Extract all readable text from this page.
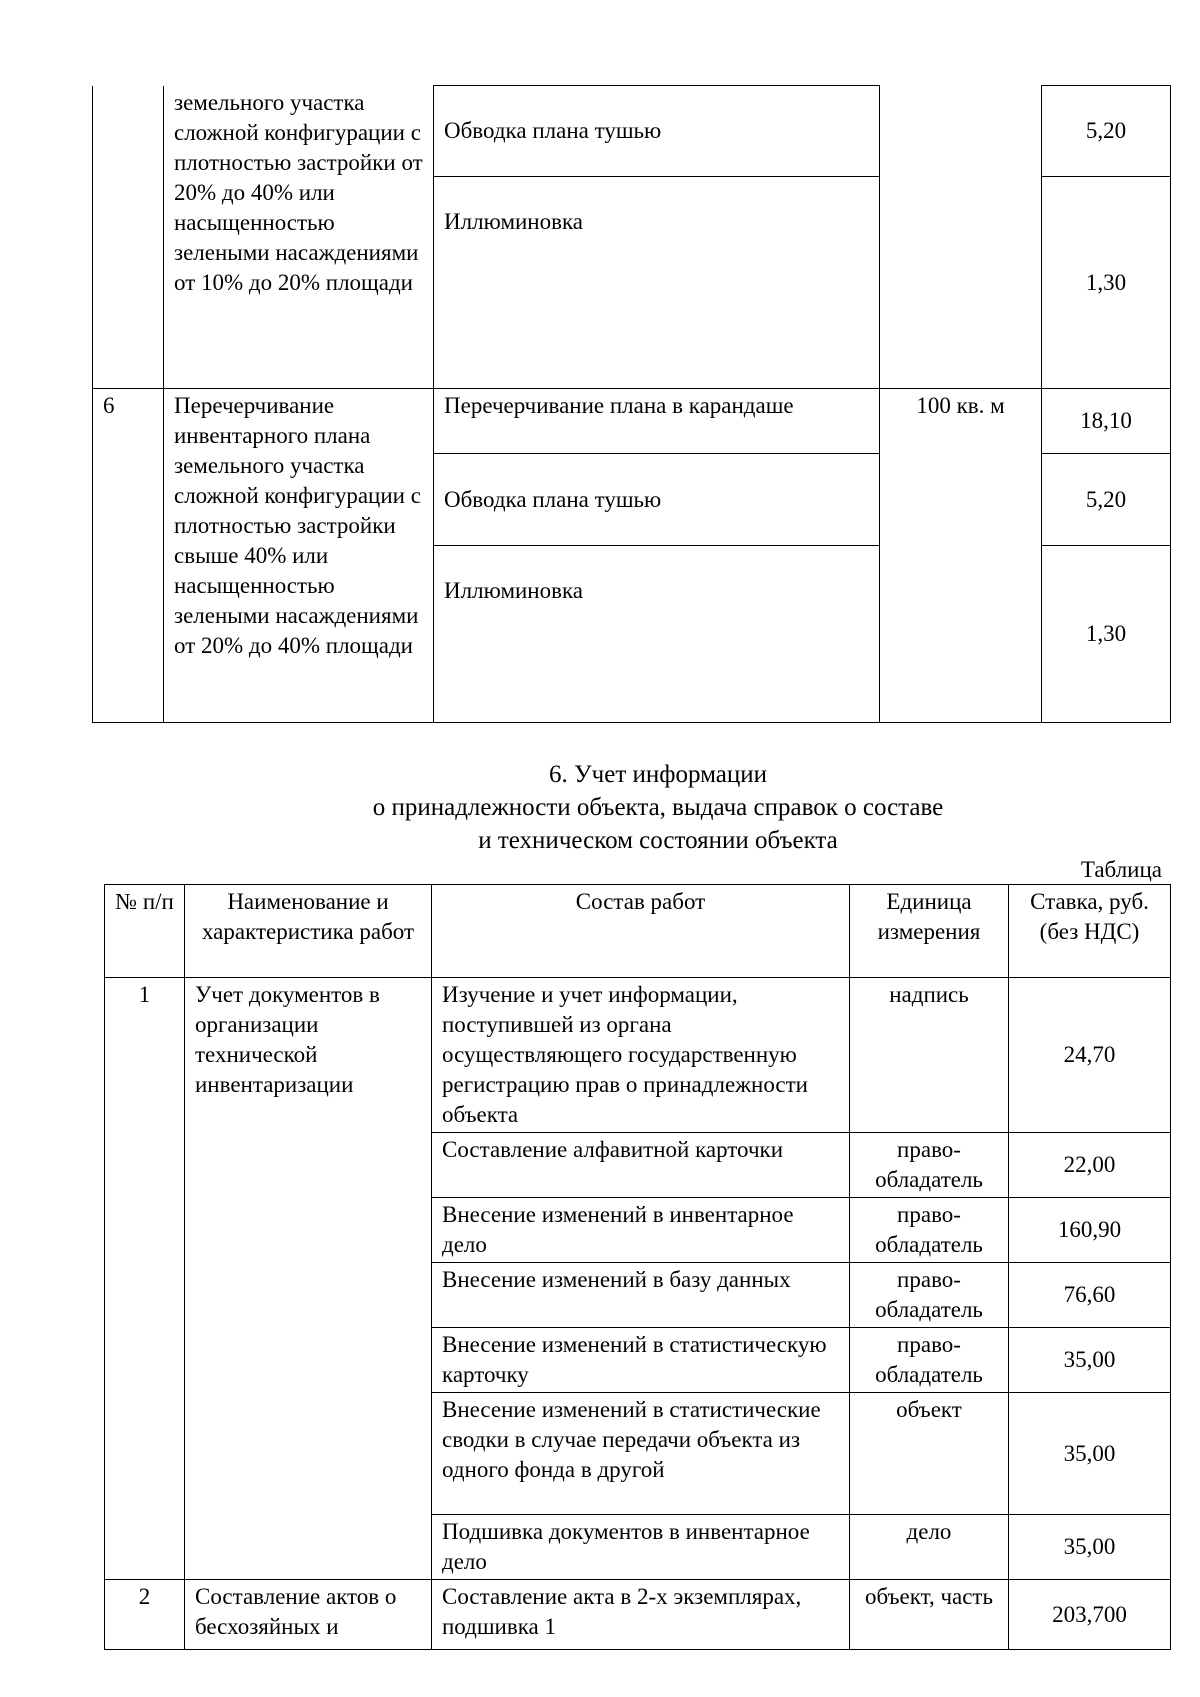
	земельного участка сложной конфигурации с плотностью застройки от 20% до 40% или насыщенностью зелеными насаждениями от 10% до 20% площади	Обводка плана тушью		5,20
		Иллюминовка		1,30
6	Перечерчивание инвентарного плана земельного участка сложной конфигурации с плотностью застройки свыше 40% или насыщенностью зелеными насаждениями от 20% до 40% площади	Перечерчивание плана в карандаше	100 кв. м	18,10
		Обводка плана тушью		5,20
		Иллюминовка		1,30
6. Учет информации
о принадлежности объекта, выдача справок о составе
и техническом состоянии объекта
Таблица
№ п/п	Наименование и характеристика работ	Состав работ	Единица измерения	Ставка, руб. (без НДС)
1	Учет документов в организации технической инвентаризации	Изучение и учет информации, поступившей из органа осуществляющего государственную регистрацию прав о принадлежности объекта	надпись	24,70
		Составление алфавитной карточки	право-обладатель	22,00
		Внесение изменений в инвентарное дело	право-обладатель	160,90
		Внесение изменений в базу данных	право-обладатель	76,60
		Внесение изменений в статистическую карточку	право-обладатель	35,00
		Внесение изменений в статистические сводки в случае передачи объекта из одного фонда в другой	объект	35,00
		Подшивка документов в инвентарное дело	дело	35,00
2	Составление актов о бесхозяйных и	Составление акта в 2-х экземплярах, подшивка 1	объект, часть	203,700
